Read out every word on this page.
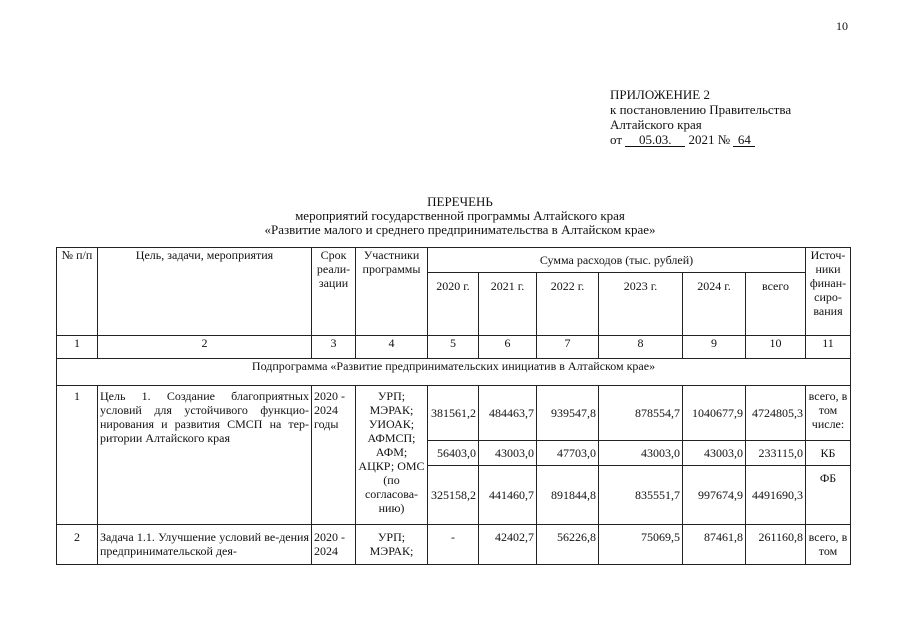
10
ПРИЛОЖЕНИЕ 2
к постановлению Правительства
Алтайского края
от 05.03. 2021 № 64
ПЕРЕЧЕНЬ
мероприятий государственной программы Алтайского края
«Развитие малого и среднего предпринимательства в Алтайском крае»
№ п/п	Цель, задачи, мероприятия	Срок реали-зации	Участники программы	Сумма расходов (тыс. рублей)						Источ-ники финан-сиро-вания
				2020 г.	2021 г.	2022 г.	2023 г.	2024 г.	всего	
1	2	3	4	5	6	7	8	9	10	11
Подпрограмма «Развитие предпринимательских инициатив в Алтайском крае»										
1	Цель 1. Создание благоприятных условий для устойчивого функцио-нирования и развития СМСП на тер-ритории Алтайского края	2020 - 2024 годы	УРП; МЭРАК; УИОАК; АФМСП; АФМ; АЦКР; ОМС (по согласова-нию)	381561,2	484463,7	939547,8	878554,7	1040677,9	4724805,3	всего, в том числе:
				56403,0	43003,0	47703,0	43003,0	43003,0	233115,0	КБ
				325158,2	441460,7	891844,8	835551,7	997674,9	4491690,3	ФБ
2	Задача 1.1. Улучшение условий ве-дения предпринимательской дея-	2020 - 2024	УРП; МЭРАК;	-	42402,7	56226,8	75069,5	87461,8	261160,8	всего, в том
